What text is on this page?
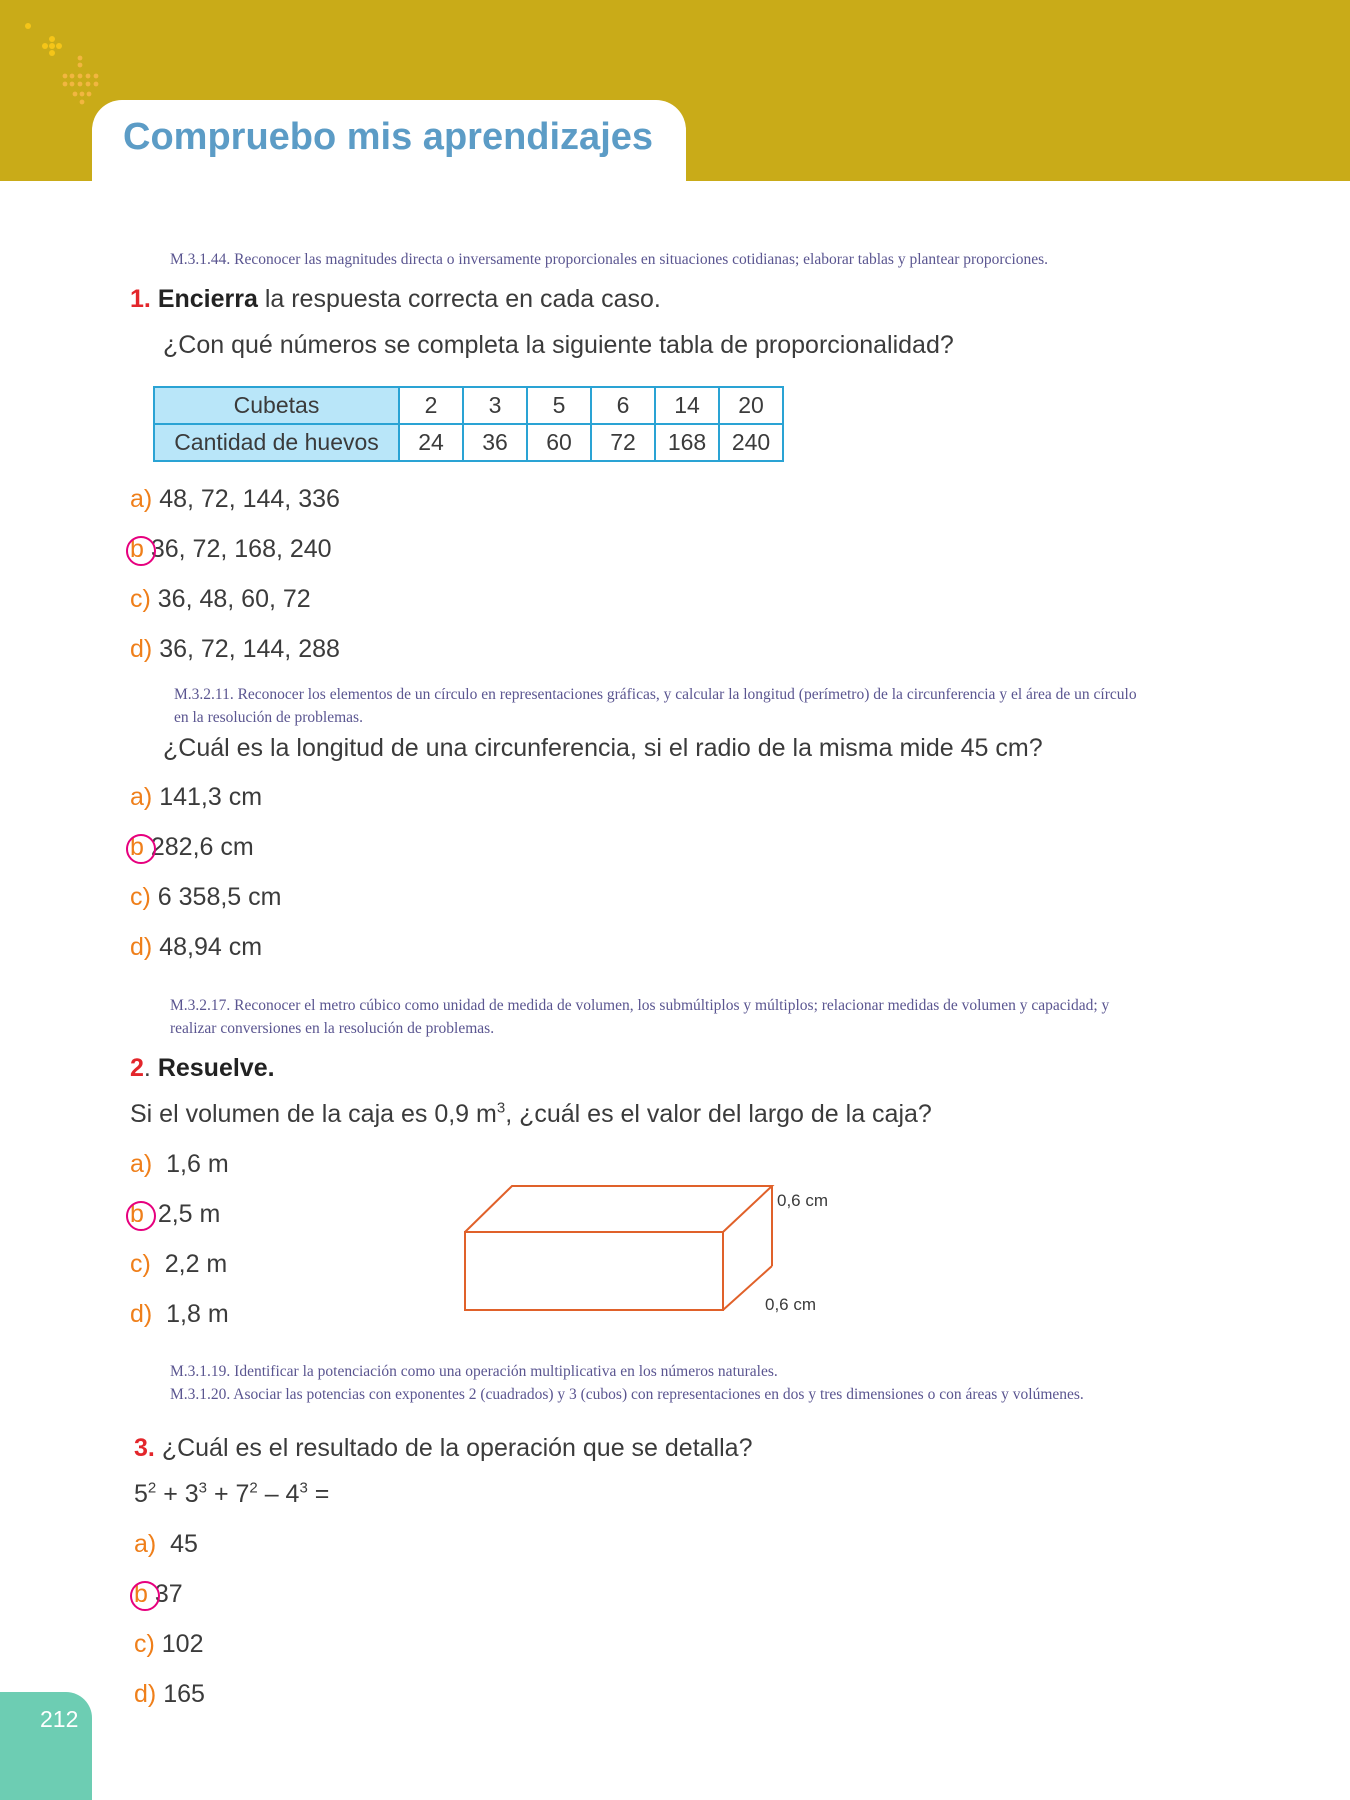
Compruebo mis aprendizajes

M.3.1.44. Reconocer las magnitudes directa o inversamente proporcionales en situaciones cotidianas; elaborar tablas y plantear proporciones.

1. Encierra la respuesta correcta en cada caso.

¿Con qué números se completa la siguiente tabla de proporcionalidad?

Cubetas	2	3	5	6	14	20
Cantidad de huevos	24	36	60	72	168	240
a) 48, 72, 144, 336
b 36, 72, 168, 240
c) 36, 48, 60, 72
d) 36, 72, 144, 288

M.3.2.11. Reconocer los elementos de un círculo en representaciones gráficas, y calcular la longitud (perímetro) de la circunferencia y el área de un círculo en la resolución de problemas.

¿Cuál es la longitud de una circunferencia, si el radio de la misma mide 45 cm?

a) 141,3 cm
b 282,6 cm
c) 6 358,5 cm
d) 48,94 cm

M.3.2.17. Reconocer el metro cúbico como unidad de medida de volumen, los submúltiplos y múltiplos; relacionar medidas de volumen y capacidad; y realizar conversiones en la resolución de problemas.

2. Resuelve.

Si el volumen de la caja es 0,9 $m^3$, ¿cuál es el valor del largo de la caja?

a) 1,6 m
b 2,5 m
c) 2,2 m
d) 1,8 m
0,6 cm
0,6 cm

M.3.1.19. Identificar la potenciación como una operación multiplicativa en los números naturales.
M.3.1.20. Asociar las potencias con exponentes 2 (cuadrados) y 3 (cubos) con representaciones en dos y tres dimensiones o con áreas y volúmenes.

3. ¿Cuál es el resultado de la operación que se detalla?

$5^2 + 3^3 + 7^2 - 4^3$ =

a) 45
b 37
c) 102
d) 165
212
